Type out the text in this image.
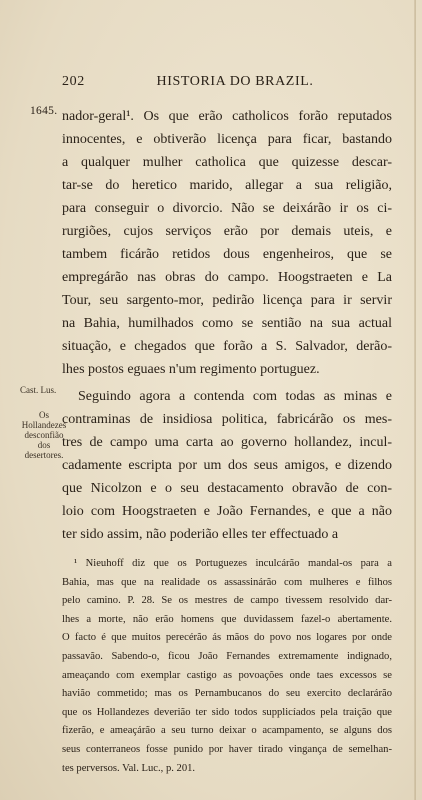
202	HISTORIA DO BRAZIL.
1645.
Cast. Lus.
Os
Hollandezes
desconfião
dos
desertores.
nador-geral¹. Os que erão catholicos forão reputados
innocentes, e obtiverão licença para ficar, bastando
a qualquer mulher catholica que quizesse descar-
tar-se do heretico marido, allegar a sua religião,
para conseguir o divorcio. Não se deixárão ir os ci-
rurgiões, cujos serviços erão por demais uteis, e
tambem ficárão retidos dous engenheiros, que se
empregárão nas obras do campo. Hoogstraeten e La
Tour, seu sargento-mor, pedirão licença para ir servir
na Bahia, humilhados como se sentião na sua actual
situação, e chegados que forão a S. Salvador, derão-
lhes postos eguaes n'um regimento portuguez.
Seguindo agora a contenda com todas as minas e
contraminas de insidiosa politica, fabricárão os mes-
tres de campo uma carta ao governo hollandez, incul-
cadamente escripta por um dos seus amigos, e dizendo
que Nicolzon e o seu destacamento obravão de con-
loio com Hoogstraeten e João Fernandes, e que a não
ter sido assim, não poderião elles ter effectuado a
¹ Nieuhoff diz que os Portuguezes inculcárão mandal-os para a
Bahia, mas que na realidade os assassinárão com mulheres e filhos
pelo camino. P. 28. Se os mestres de campo tivessem resolvido dar-
lhes a morte, não erão homens que duvidassem fazel-o abertamente.
O facto é que muitos perecérão ás mãos do povo nos logares por onde
passavão. Sabendo-o, ficou João Fernandes extremamente indignado,
ameaçando com exemplar castigo as povoações onde taes excessos se
havião commetido; mas os Pernambucanos do seu exercito declarárão
que os Hollandezes deverião ter sido todos supplicíados pela traição que
fizerão, e ameaçárão a seu turno deixar o acampamento, se alguns dos
seus conterraneos fosse punido por haver tirado vingança de semelhan-
tes perversos. Val. Luc., p. 201.
